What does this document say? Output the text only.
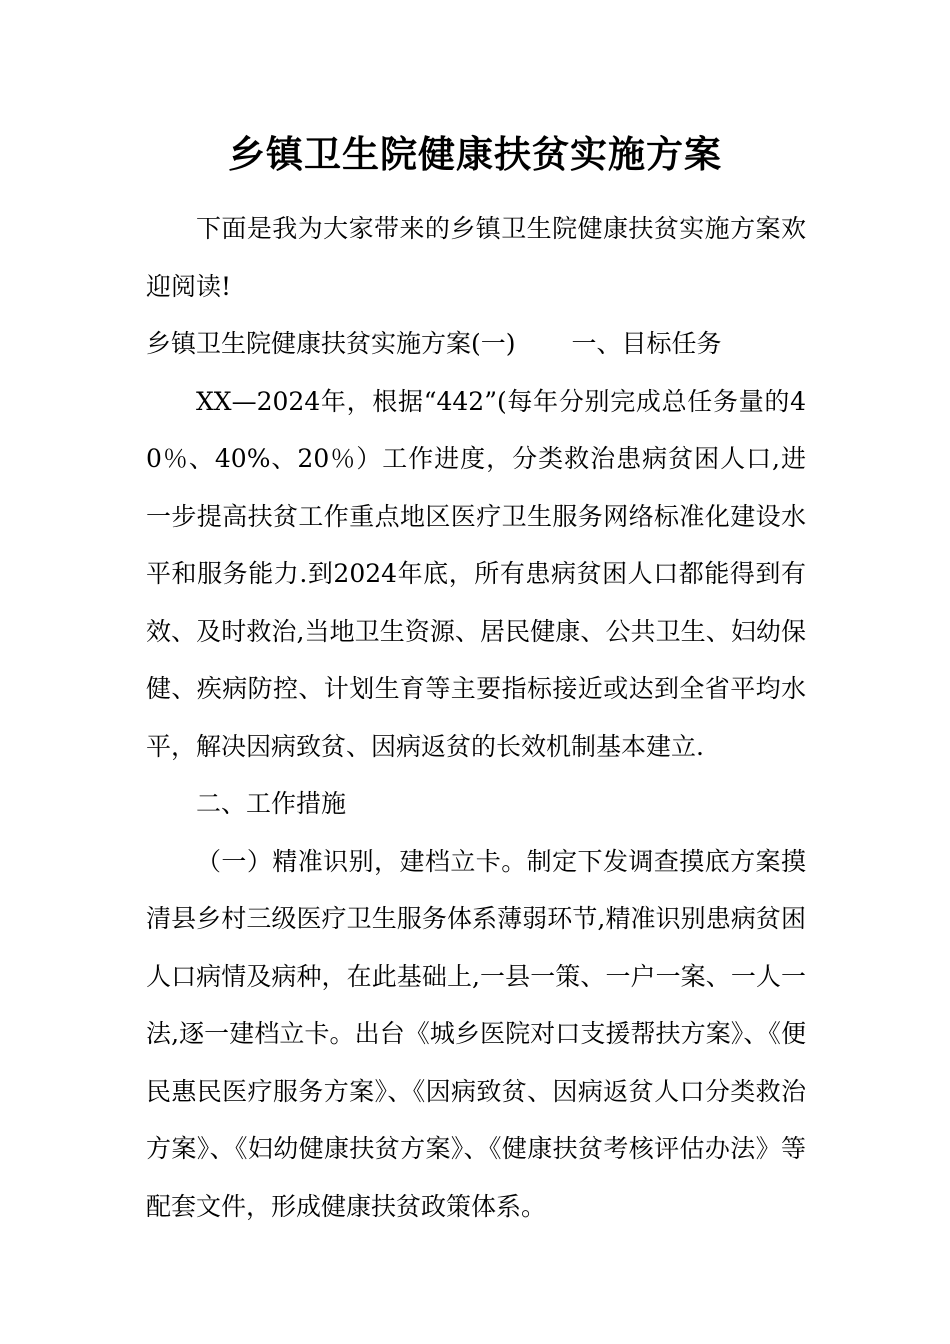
乡镇卫生院健康扶贫实施方案

下面是我为大家带来的乡镇卫生院健康扶贫实施方案欢迎阅读!

乡镇卫生院健康扶贫实施方案(一) 一、目标任务

XX—2024年，根据“442”(每年分别完成总任务量的40％、40%、20％）工作进度，分类救治患病贫困人口,进一步提高扶贫工作重点地区医疗卫生服务网络标准化建设水平和服务能力.到2024年底，所有患病贫困人口都能得到有效、及时救治,当地卫生资源、居民健康、公共卫生、妇幼保健、疾病防控、计划生育等主要指标接近或达到全省平均水平，解决因病致贫、因病返贫的长效机制基本建立.

二、工作措施

（一）精准识别，建档立卡。制定下发调查摸底方案摸清县乡村三级医疗卫生服务体系薄弱环节,精准识别患病贫困人口病情及病种，在此基础上,一县一策、一户一案、一人一法,逐一建档立卡。出台《城乡医院对口支援帮扶方案》、《便民惠民医疗服务方案》、《因病致贫、因病返贫人口分类救治方案》、《妇幼健康扶贫方案》、《健康扶贫考核评估办法》等配套文件，形成健康扶贫政策体系。
